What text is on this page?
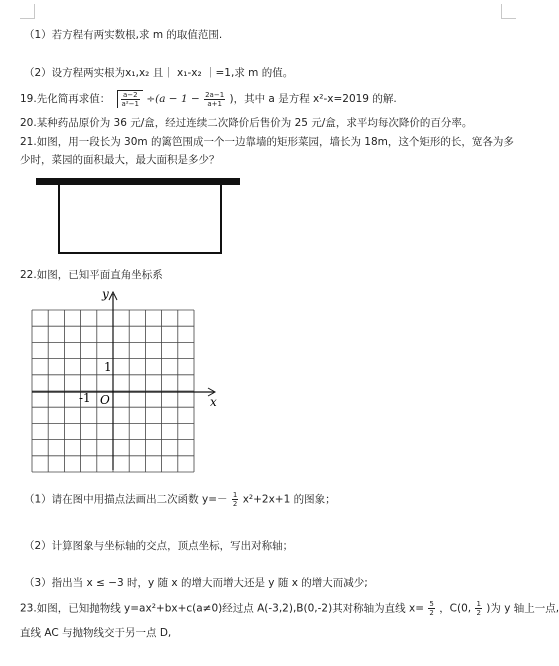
（1）若方程有两实数根,求 m 的取值范围.
（2）设方程两实根为x₁,x₂ 且｜ x₁-x₂ ｜=1,求 m 的值。
19.先化简再求值： $\frac{a-2}{\text{a²−1}} \div(a - 1 - \frac{2a-1}{a+1}$ )，其中 a 是方程 x²-x=2019 的解.
20.某种药品原价为 36 元/盒，经过连续二次降价后售价为 25 元/盒，求平均每次降价的百分率。
21.如图，用一段长为 30m 的篱笆围成一个一边靠墙的矩形菜园，墙长为 18m，这个矩形的长，宽各为多
少时，菜园的面积最大，最大面积是多少？
22.如图，已知平面直角坐标系
x
y
O
1
-1
（1）请在图中用描点法画出二次函数 $y=- \frac{1}{2} x^2+2x+1$ 的图象；
（2）计算图象与坐标轴的交点，顶点坐标，写出对称轴；
（3）指出当 x ≤ −3 时，y 随 x 的增大而增大还是 y 随 x 的增大而减少;
23.如图，已知抛物线 y=ax²+bx+c(a≠0)经过点 A(-3,2),B(0,-2)其对称轴为直线 $x= \frac{5}{2}$ ，C(0, $\frac{1}{2}$ )为 y 轴上一点,
直线 AC 与抛物线交于另一点 D,
